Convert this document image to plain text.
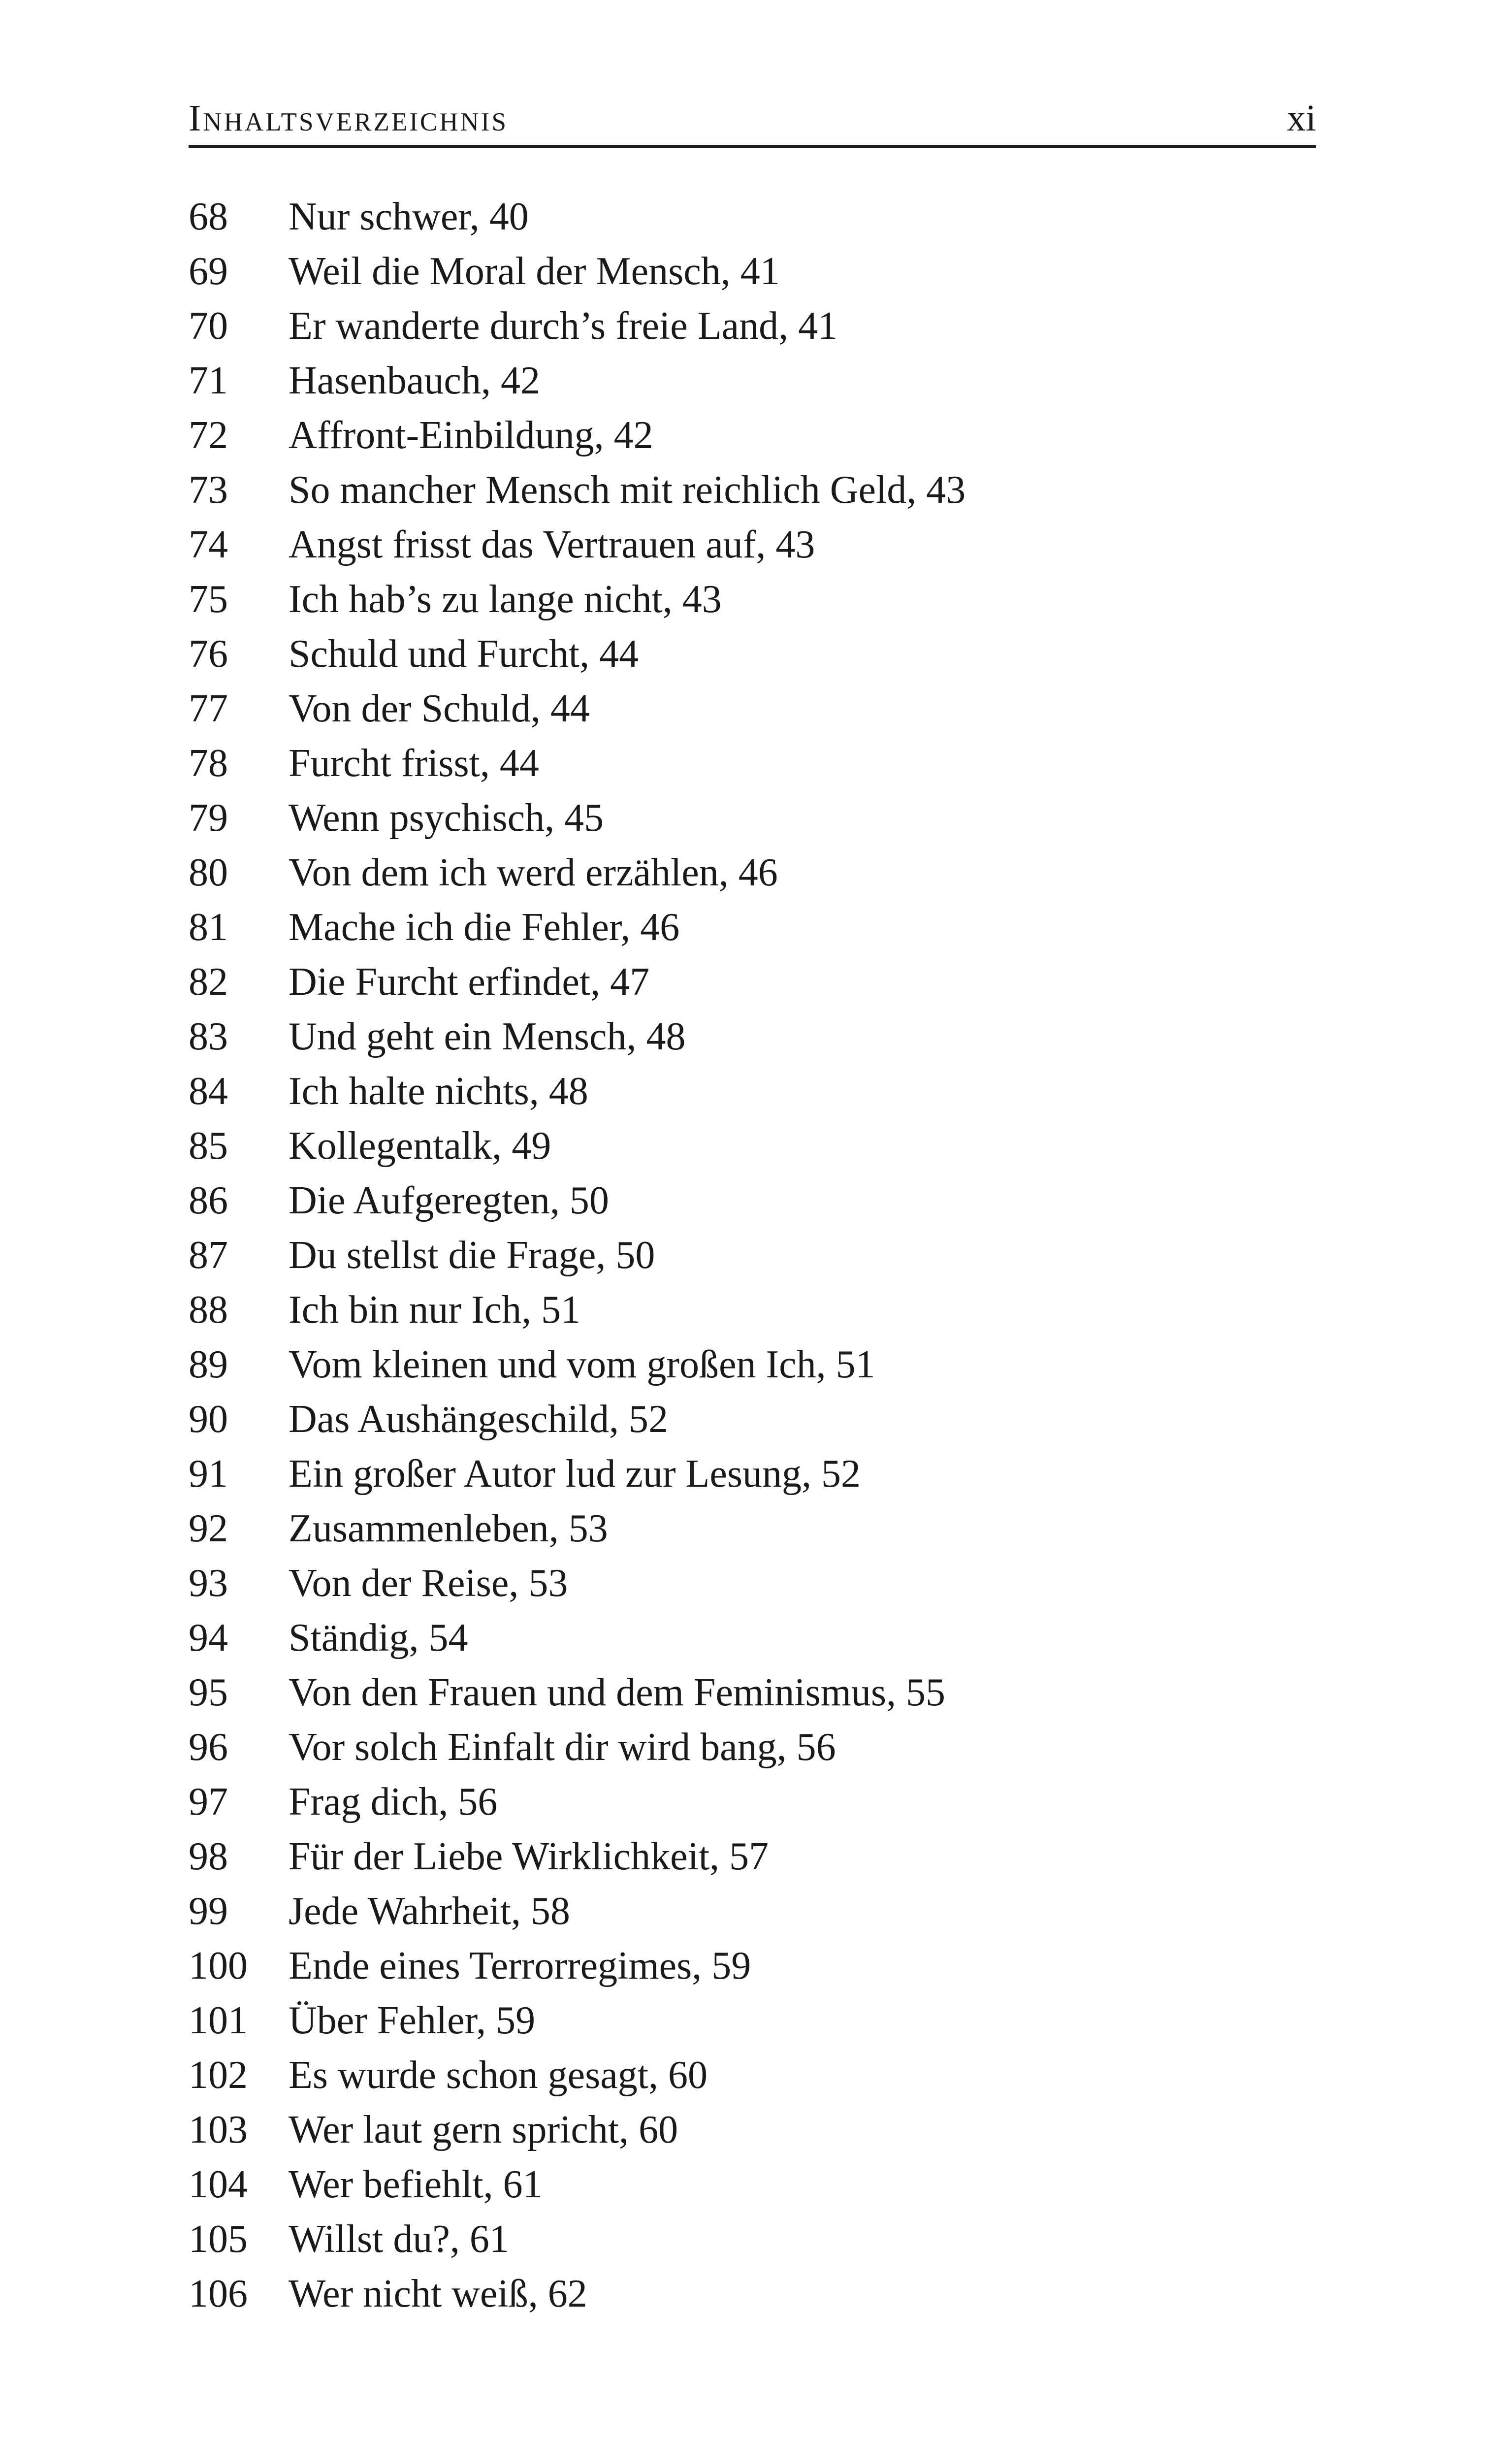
Inhaltsverzeichnis	xi
68 Nur schwer, 40
69 Weil die Moral der Mensch, 41
70 Er wanderte durch’s freie Land, 41
71 Hasenbauch, 42
72 Affront-Einbildung, 42
73 So mancher Mensch mit reichlich Geld, 43
74 Angst frisst das Vertrauen auf, 43
75 Ich hab’s zu lange nicht, 43
76 Schuld und Furcht, 44
77 Von der Schuld, 44
78 Furcht frisst, 44
79 Wenn psychisch, 45
80 Von dem ich werd erzählen, 46
81 Mache ich die Fehler, 46
82 Die Furcht erfindet, 47
83 Und geht ein Mensch, 48
84 Ich halte nichts, 48
85 Kollegentalk, 49
86 Die Aufgeregten, 50
87 Du stellst die Frage, 50
88 Ich bin nur Ich, 51
89 Vom kleinen und vom großen Ich, 51
90 Das Aushängeschild, 52
91 Ein großer Autor lud zur Lesung, 52
92 Zusammenleben, 53
93 Von der Reise, 53
94 Ständig, 54
95 Von den Frauen und dem Feminismus, 55
96 Vor solch Einfalt dir wird bang, 56
97 Frag dich, 56
98 Für der Liebe Wirklichkeit, 57
99 Jede Wahrheit, 58
100 Ende eines Terrorregimes, 59
101 Über Fehler, 59
102 Es wurde schon gesagt, 60
103 Wer laut gern spricht, 60
104 Wer befiehlt, 61
105 Willst du?, 61
106 Wer nicht weiß, 62
